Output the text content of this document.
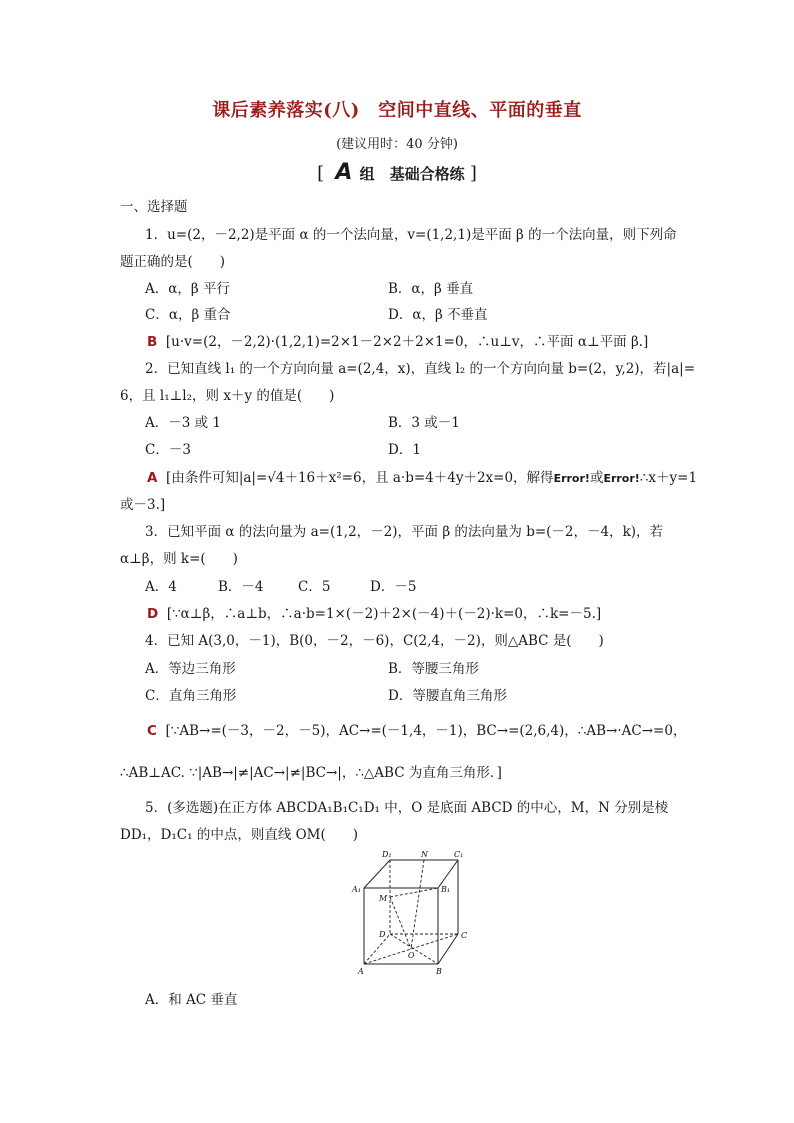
课后素养落实(八)　空间中直线、平面的垂直
(建议用时：40 分钟)
[ A 组　基础合格练 ]
一、选择题
1．u=(2，－2,2)是平面 α 的一个法向量，v=(1,2,1)是平面 β 的一个法向量，则下列命
题正确的是(　　)
A．α，β 平行	B．α，β 垂直
C．α，β 重合	D．α，β 不垂直
B [u·v=(2，－2,2)·(1,2,1)=2×1－2×2＋2×1=0，∴u⊥v，∴平面 α⊥平面 β.]
2．已知直线 l₁ 的一个方向向量 a=(2,4，x)，直线 l₂ 的一个方向向量 b=(2，y,2)，若|a|=
6，且 l₁⊥l₂，则 x＋y 的值是(　　)
A．－3 或 1	B．3 或－1
C．－3	D．1
A [由条件可知|a|=√4＋16＋x²=6，且 a·b=4＋4y＋2x=0，解得Error!或Error!∴x＋y=1
或－3.]
3．已知平面 α 的法向量为 a=(1,2，－2)，平面 β 的法向量为 b=(－2，－4，k)，若
α⊥β，则 k=(　　)
A．4	B．－4	C．5	D．－5
D [∵α⊥β，∴a⊥b，∴a·b=1×(－2)＋2×(－4)＋(－2)·k=0，∴k=－5.]
4．已知 A(3,0，－1)，B(0，－2，－6)，C(2,4，－2)，则△ABC 是(　　)
A．等边三角形	B．等腰三角形
C．直角三角形	D．等腰直角三角形
C [∵AB→=(－3，－2，－5)，AC→=(－1,4，－1)，BC→=(2,6,4)，∴AB→·AC→=0，
∴AB⊥AC. ∵|AB→|≠|AC→|≠|BC→|，∴△ABC 为直角三角形．]
5．(多选题)在正方体 ABCDA₁B₁C₁D₁ 中，O 是底面 ABCD 的中心，M，N 分别是棱
DD₁，D₁C₁ 的中点，则直线 OM(　　)
D₁	N	C₁
A₁	B₁
M
D	C
O
A	B
A．和 AC 垂直
